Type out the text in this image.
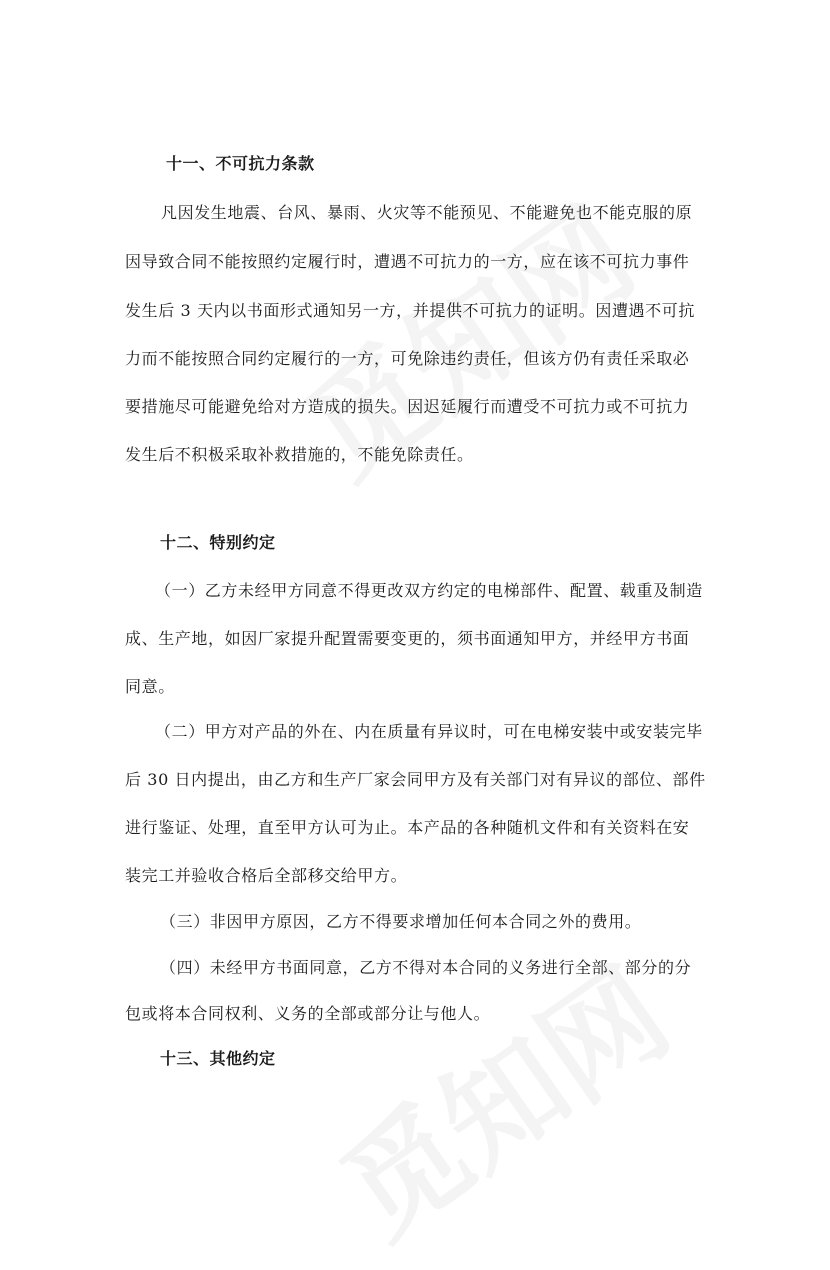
十一、不可抗力条款
凡因发生地震、台风、暴雨、火灾等不能预见、不能避免也不能克服的原
因导致合同不能按照约定履行时，遭遇不可抗力的一方，应在该不可抗力事件
发生后 3 天内以书面形式通知另一方，并提供不可抗力的证明。因遭遇不可抗
力而不能按照合同约定履行的一方，可免除违约责任，但该方仍有责任采取必
要措施尽可能避免给对方造成的损失。因迟延履行而遭受不可抗力或不可抗力
发生后不积极采取补救措施的，不能免除责任。
十二、特别约定
（一）乙方未经甲方同意不得更改双方约定的电梯部件、配置、载重及制造
成、生产地，如因厂家提升配置需要变更的，须书面通知甲方，并经甲方书面
同意。
（二）甲方对产品的外在、内在质量有异议时，可在电梯安装中或安装完毕
后 30 日内提出，由乙方和生产厂家会同甲方及有关部门对有异议的部位、部件
进行鉴证、处理，直至甲方认可为止。本产品的各种随机文件和有关资料在安
装完工并验收合格后全部移交给甲方。
（三）非因甲方原因，乙方不得要求增加任何本合同之外的费用。
（四）未经甲方书面同意，乙方不得对本合同的义务进行全部、部分的分
包或将本合同权利、义务的全部或部分让与他人。
十三、其他约定
